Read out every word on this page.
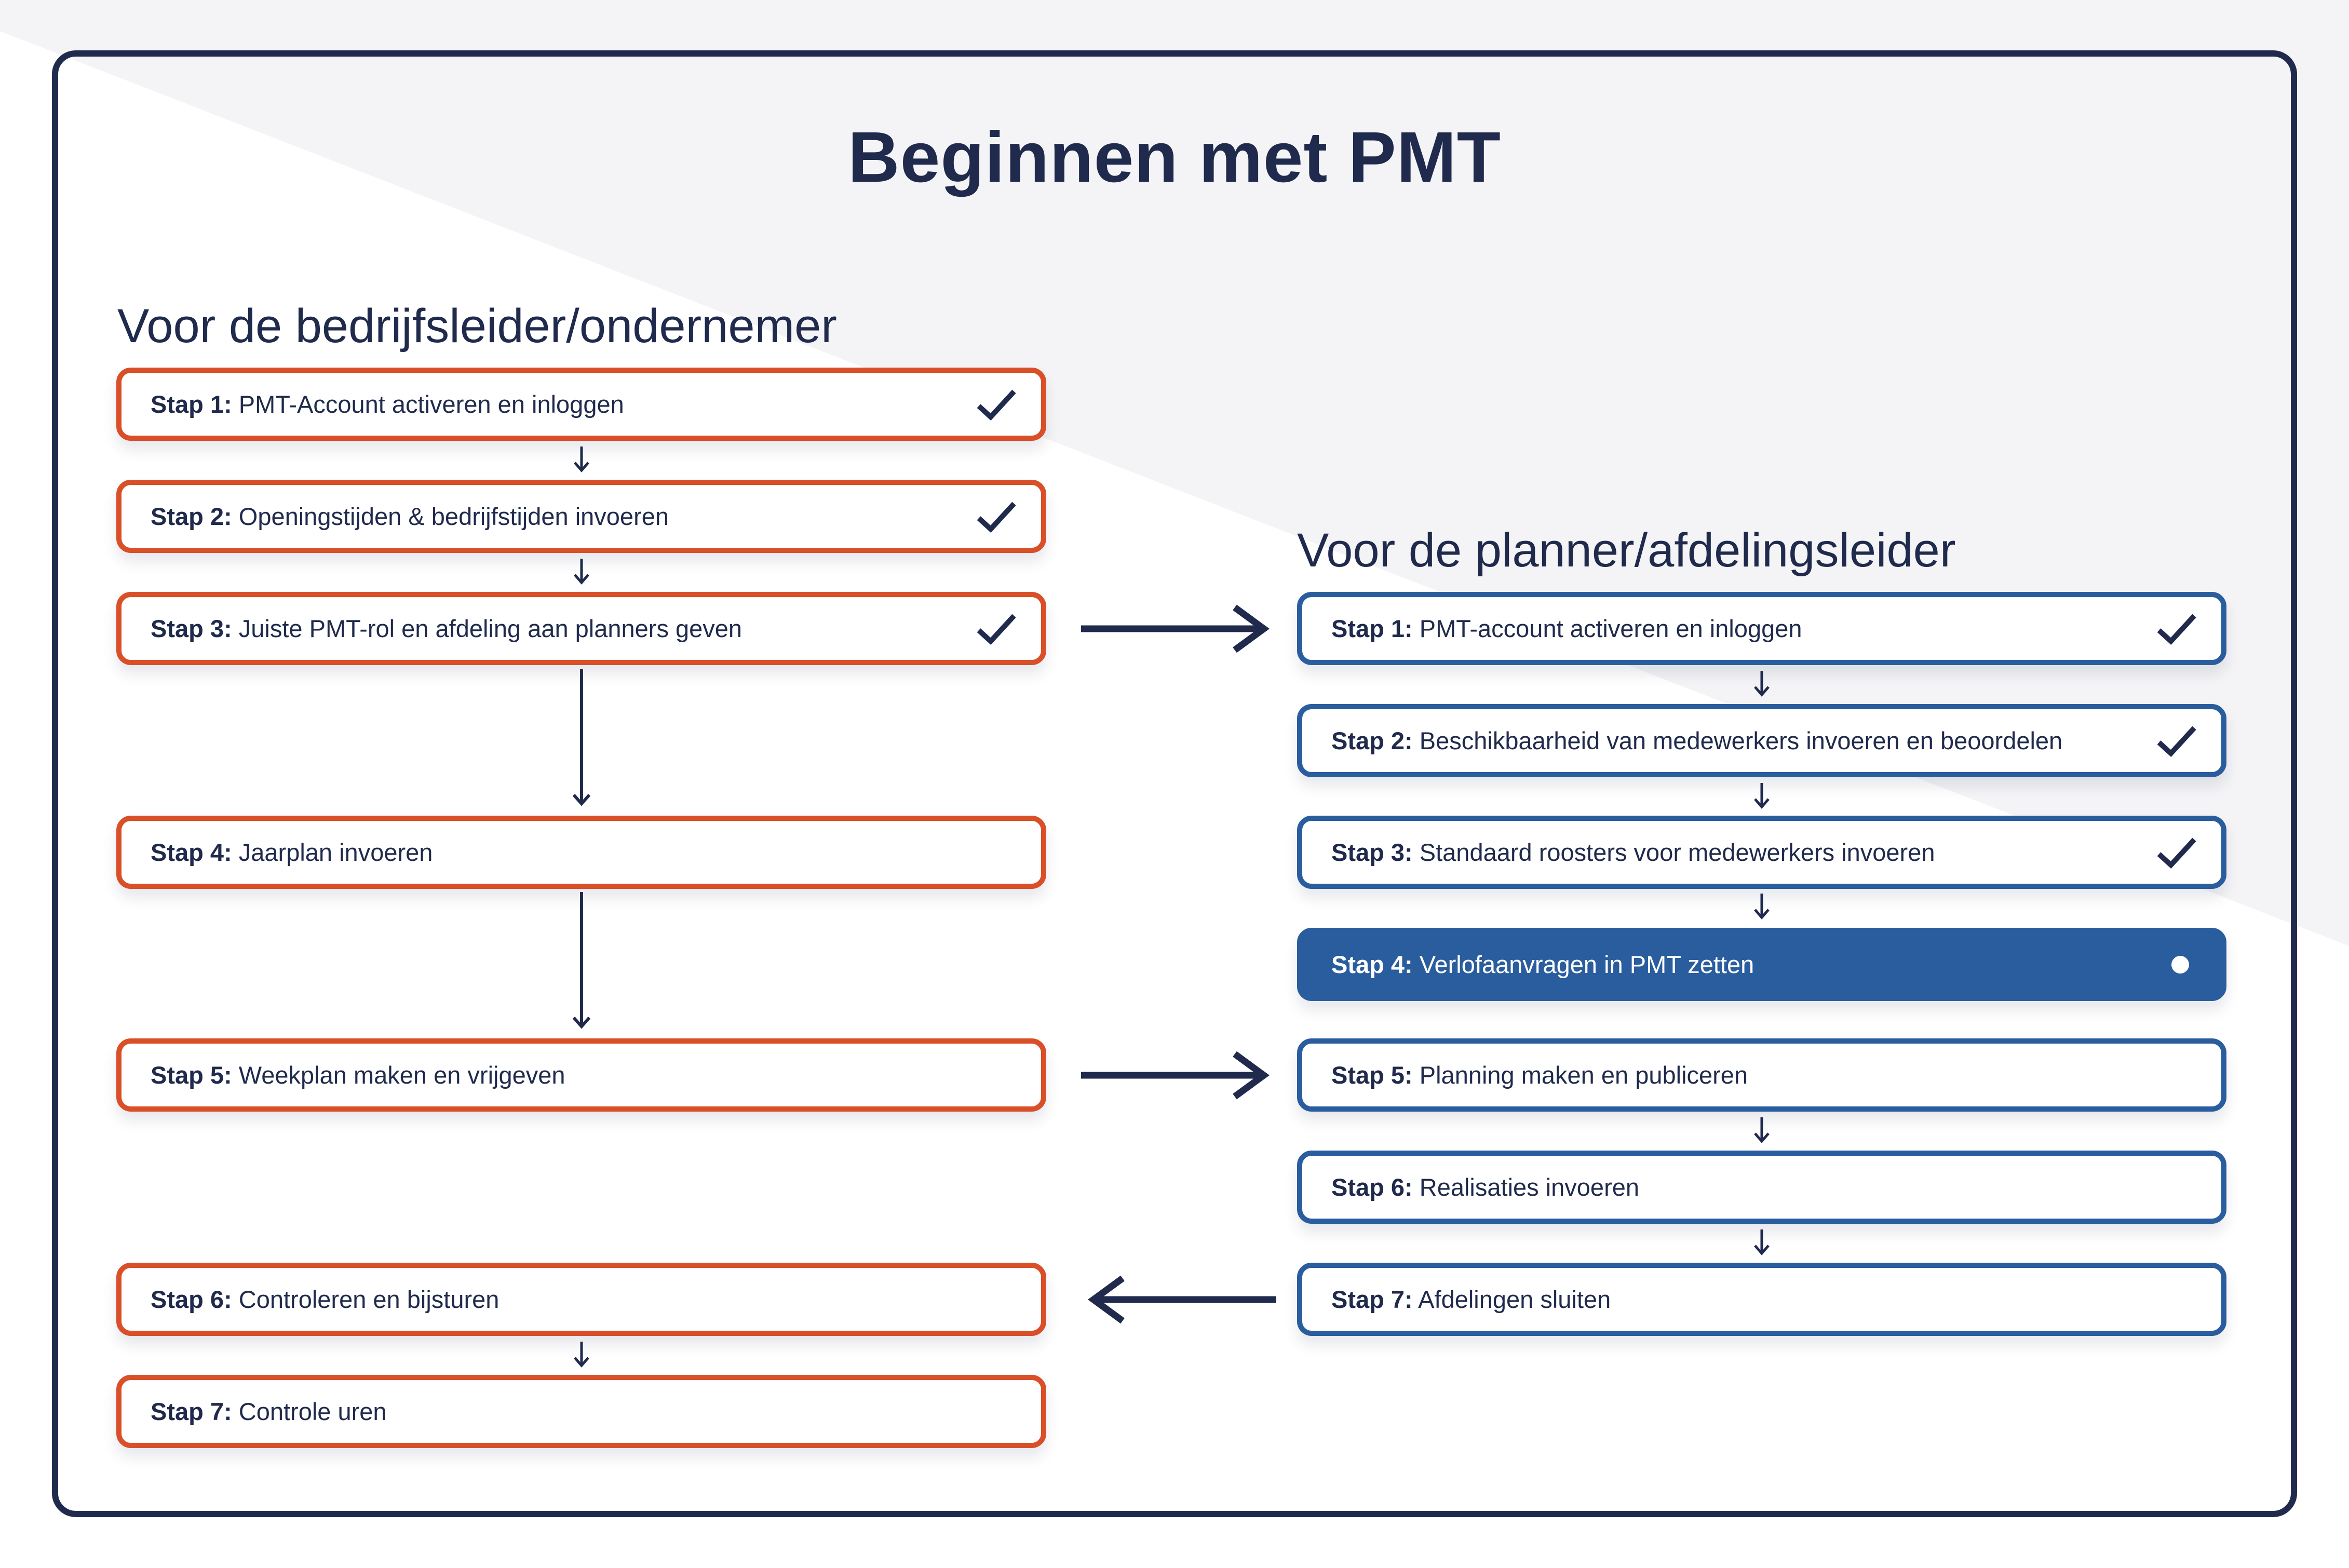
Beginnen met PMT
Voor de bedrijfsleider/ondernemer
Voor de planner/afdelingsleider
Stap 1: PMT-Account activeren en inloggen
Stap 2: Openingstijden & bedrijfstijden invoeren
Stap 3: Juiste PMT-rol en afdeling aan planners geven
Stap 4: Jaarplan invoeren
Stap 5: Weekplan maken en vrijgeven
Stap 6: Controleren en bijsturen
Stap 7: Controle uren
Stap 1: PMT-account activeren en inloggen
Stap 2: Beschikbaarheid van medewerkers invoeren en beoordelen
Stap 3: Standaard roosters voor medewerkers invoeren
Stap 4: Verlofaanvragen in PMT zetten
Stap 5: Planning maken en publiceren
Stap 6: Realisaties invoeren
Stap 7: Afdelingen sluiten
